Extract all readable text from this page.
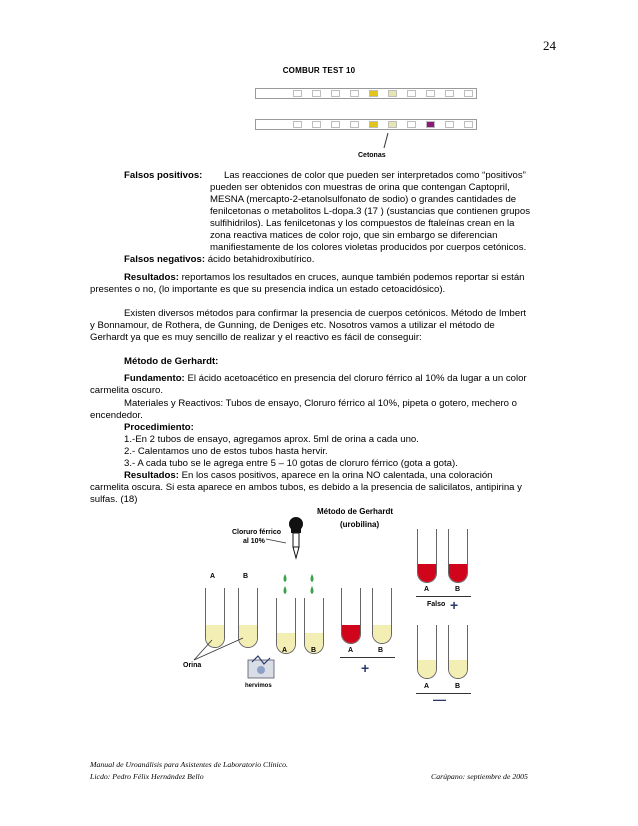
24
COMBUR TEST 10
Cetonas
Falsos positivos:	Las reacciones de color que pueden ser interpretados como “positivos”
pueden ser obtenidos con muestras de orina que contengan Captopril,
MESNA (mercapto-2-etanolsulfonato de sodio) o grandes cantidades de
fenilcetonas o metabolitos L-dopa.3 (17 ) (sustancias que contienen grupos
sulfihidrilos). Las fenilcetonas y los compuestos de ftaleínas crean en la
zona reactiva matices de color rojo, que sin embargo se diferencian
manifiestamente de los colores violetas producidos por cuerpos cetónicos.
Falsos negativos: ácido betahidroxibutírico.
Resultados: reportamos los resultados en cruces, aunque también podemos reportar si están
presentes o no, (lo importante es que su presencia indica un estado cetoacidósico).
Existen diversos métodos para confirmar la presencia de cuerpos cetónicos. Método de Imbert
y Bonnamour, de Rothera, de Gunning, de Deniges etc. Nosotros vamos a utilizar el método de
Gerhardt ya que es muy sencillo de realizar y el reactivo es fácil de conseguir:
Método de Gerhardt:
Fundamento: El ácido acetoacético en presencia del cloruro férrico al 10% da lugar a un color
carmelita oscuro.
Materiales y Reactivos: Tubos de ensayo, Cloruro férrico al 10%, pipeta o gotero, mechero o
encendedor.
Procedimiento:
1.-En 2 tubos de ensayo, agregamos aprox. 5ml de orina a cada uno.
2.- Calentamos uno de estos tubos hasta hervir.
3.- A cada tubo se le agrega entre 5 – 10 gotas de cloruro férrico (gota a gota).
Resultados: En los casos positivos, aparece en la orina NO calentada, una coloración
carmelita oscura. Si esta aparece en ambos tubos, es debido a la presencia de salicilatos, antipirina y
sulfas. (18)
Método de Gerhardt
(urobilina)
Cloruro férrico
al 10%
A	B
Orina
hervimos
A	B	A	B
+
A	B
Falso +
A	B
—
Manual de Uroanálisis para Asistentes de Laboratorio Clínico.
Licdo: Pedro Félix Hernández Bello	Carúpano: septiembre de 2005
